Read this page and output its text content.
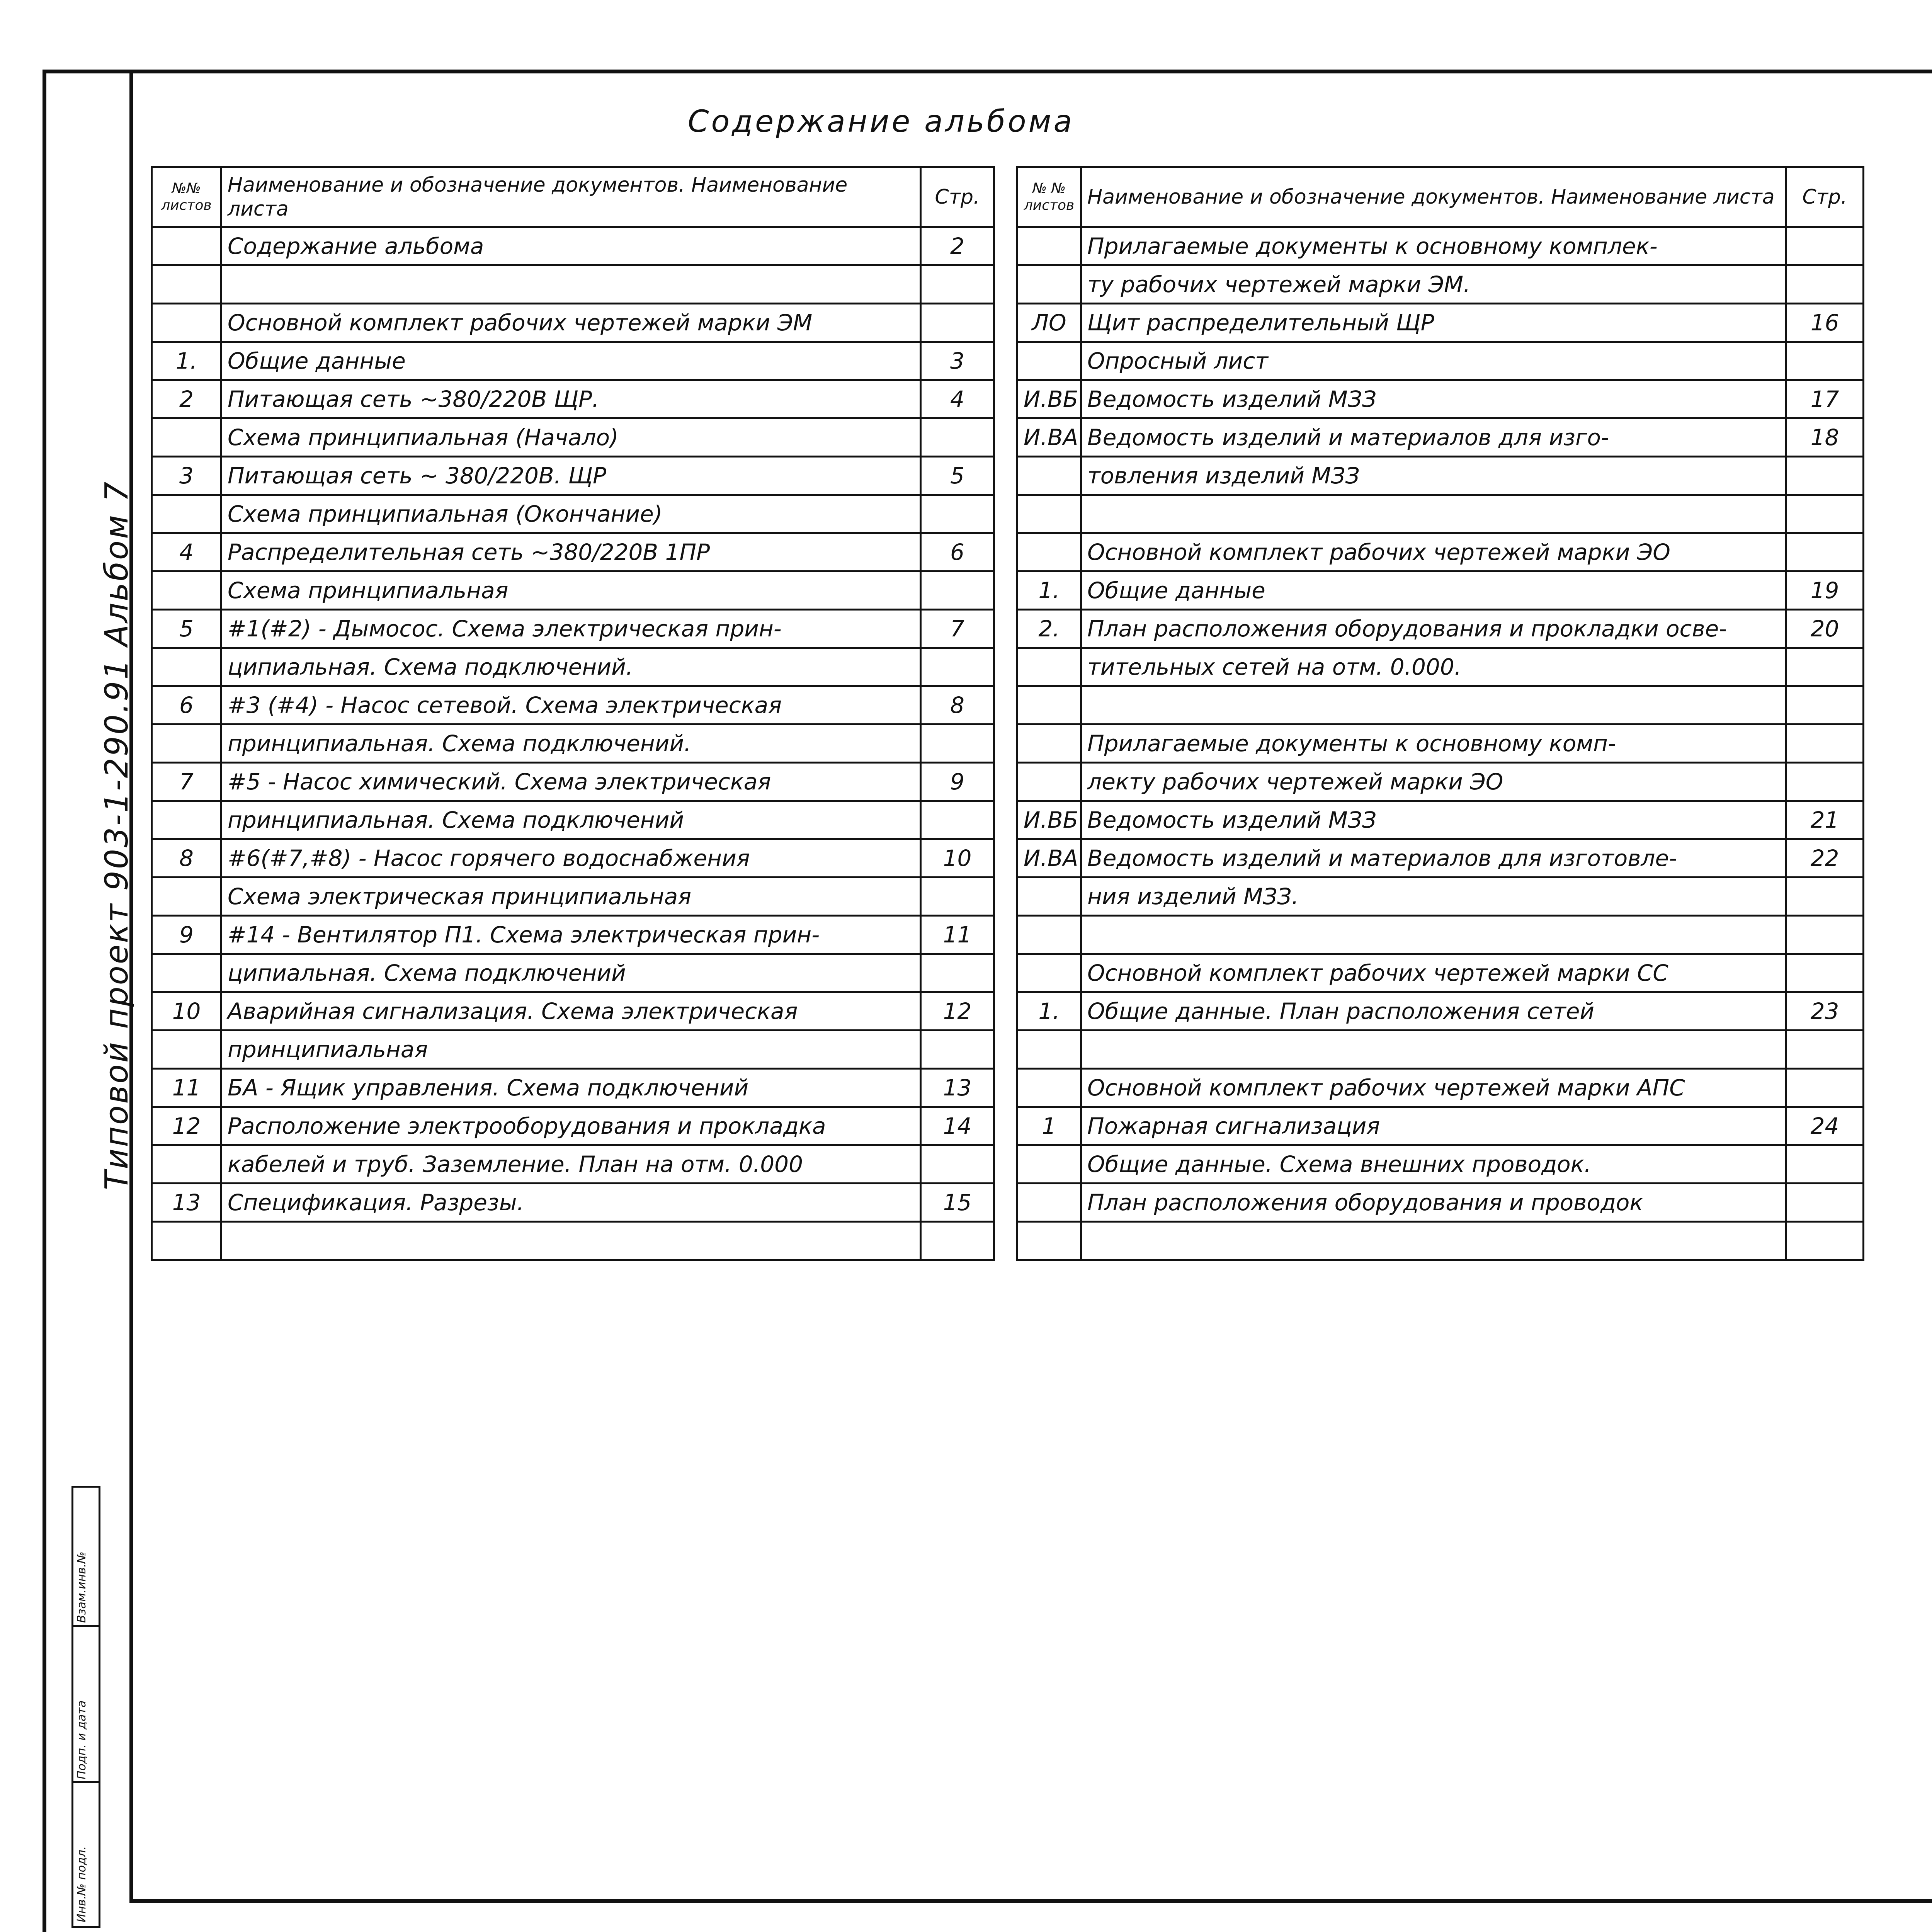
Содержание альбома
Типовой проект 903-1-290.91 Альбом 7
Взам.инв.№
Подп. и дата
Инв.№ подл.
№№ листов	Наименование и обозначение документов. Наименование листа	Стр.
	Содержание альбома	2

	Основной комплект рабочих чертежей марки ЭМ	
1.	Общие данные	3
2	Питающая сеть ~380/220В ЩР.	4
	Схема принципиальная (Начало)	
3	Питающая сеть ~ 380/220В. ЩР	5
	Схема принципиальная (Окончание)	
4	Распределительная сеть ~380/220В 1ПР	6
	Схема принципиальная	
5	#1(#2) - Дымосос. Схема электрическая прин-	7
	ципиальная. Схема подключений.	
6	#3 (#4) - Насос сетевой. Схема электрическая	8
	принципиальная. Схема подключений.	
7	#5 - Насос химический. Схема электрическая	9
	принципиальная. Схема подключений	
8	#6(#7,#8) - Насос горячего водоснабжения	10
	Схема электрическая принципиальная	
9	#14 - Вентилятор П1. Схема электрическая прин-	11
	ципиальная. Схема подключений	
10	Аварийная сигнализация. Схема электрическая	12
	принципиальная	
11	БА - Ящик управления. Схема подключений	13
12	Расположение электрооборудования и прокладка	14
	кабелей и труб. Заземление. План на отм. 0.000	
13	Спецификация. Разрезы.	15

№ № листов	Наименование и обозначение документов. Наименование листа	Стр.
	Прилагаемые документы к основному комплек-	
	ту рабочих чертежей марки ЭМ.	
ЛО	Щит распределительный ЩР	16
	Опросный лист	
И.ВБ	Ведомость изделий МЗЗ	17
И.ВА	Ведомость изделий и материалов для изго-	18
	товления изделий МЗЗ	

	Основной комплект рабочих чертежей марки ЭО	
1.	Общие данные	19
2.	План расположения оборудования и прокладки осве-	20
	тительных сетей на отм. 0.000.	

	Прилагаемые документы к основному комп-	
	лекту рабочих чертежей марки ЭО	
И.ВБ	Ведомость изделий МЗЗ	21
И.ВА	Ведомость изделий и материалов для изготовле-	22
	ния изделий МЗЗ.	

	Основной комплект рабочих чертежей марки СС	
1.	Общие данные. План расположения сетей	23

	Основной комплект рабочих чертежей марки АПС	
1	Пожарная сигнализация	24
	Общие данные. Схема внешних проводок.	
	План расположения оборудования и проводок	
